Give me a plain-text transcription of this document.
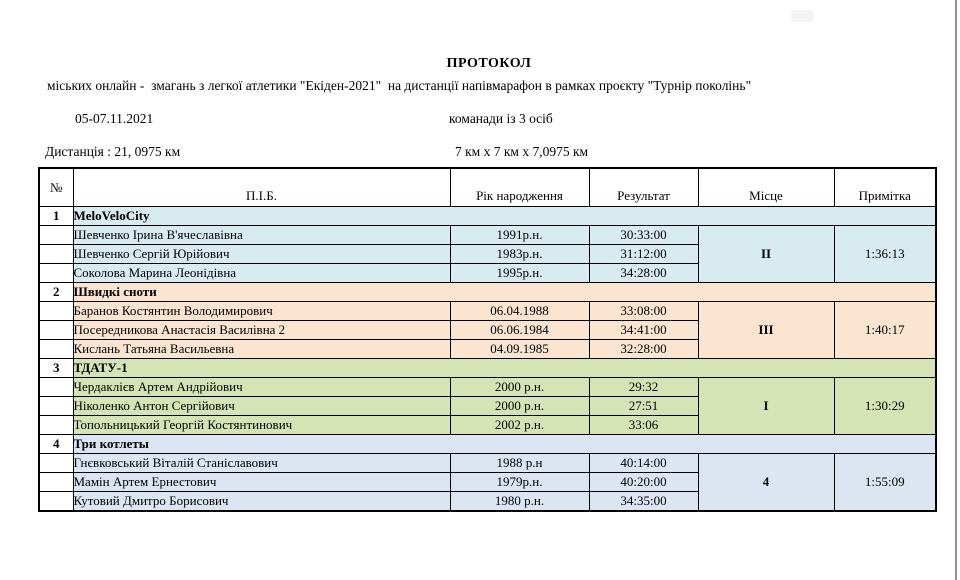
ПРОТОКОЛ
міських онлайн -  змагань з легкої атлетики "Екіден-2021"  на дистанції напівмарафон в рамках проєкту "Турнір поколінь"
05-07.11.2021	команади із 3 осіб
Дистанція : 21, 0975 км	7 км х 7 км х 7,0975 км
№	П.І.Б.	Рік народження	Результат	Місце	Примітка
1	MeloVeloCity				
	Шевченко Ірина В'ячеславівна	1991р.н.	30:33:00	II	1:36:13
	Шевченко Сергій Юрійович	1983р.н.	31:12:00		
	Соколова Марина Леонідівна	1995р.н.	34:28:00		
2	Швидкі сноти				
	Баранов Костянтин Володимирович	06.04.1988	33:08:00	III	1:40:17
	Посередникова Анастасія Василівна 2	06.06.1984	34:41:00		
	Кислань Татьяна Васильевна	04.09.1985	32:28:00		
3	ТДАТУ-1				
	Чердаклієв Артем Андрійович	2000 р.н.	29:32	I	1:30:29
	Ніколенко Антон Сергійович	2000 р.н.	27:51		
	Топольницький Георгій Костянтинович	2002 р.н.	33:06		
4	Три котлеты				
	Гнєвковський Віталій Станіславович	1988 р.н	40:14:00	4	1:55:09
	Мамін Артем Ернестович	1979р.н.	40:20:00		
	Кутовий Дмитро Борисович	1980 р.н.	34:35:00		
